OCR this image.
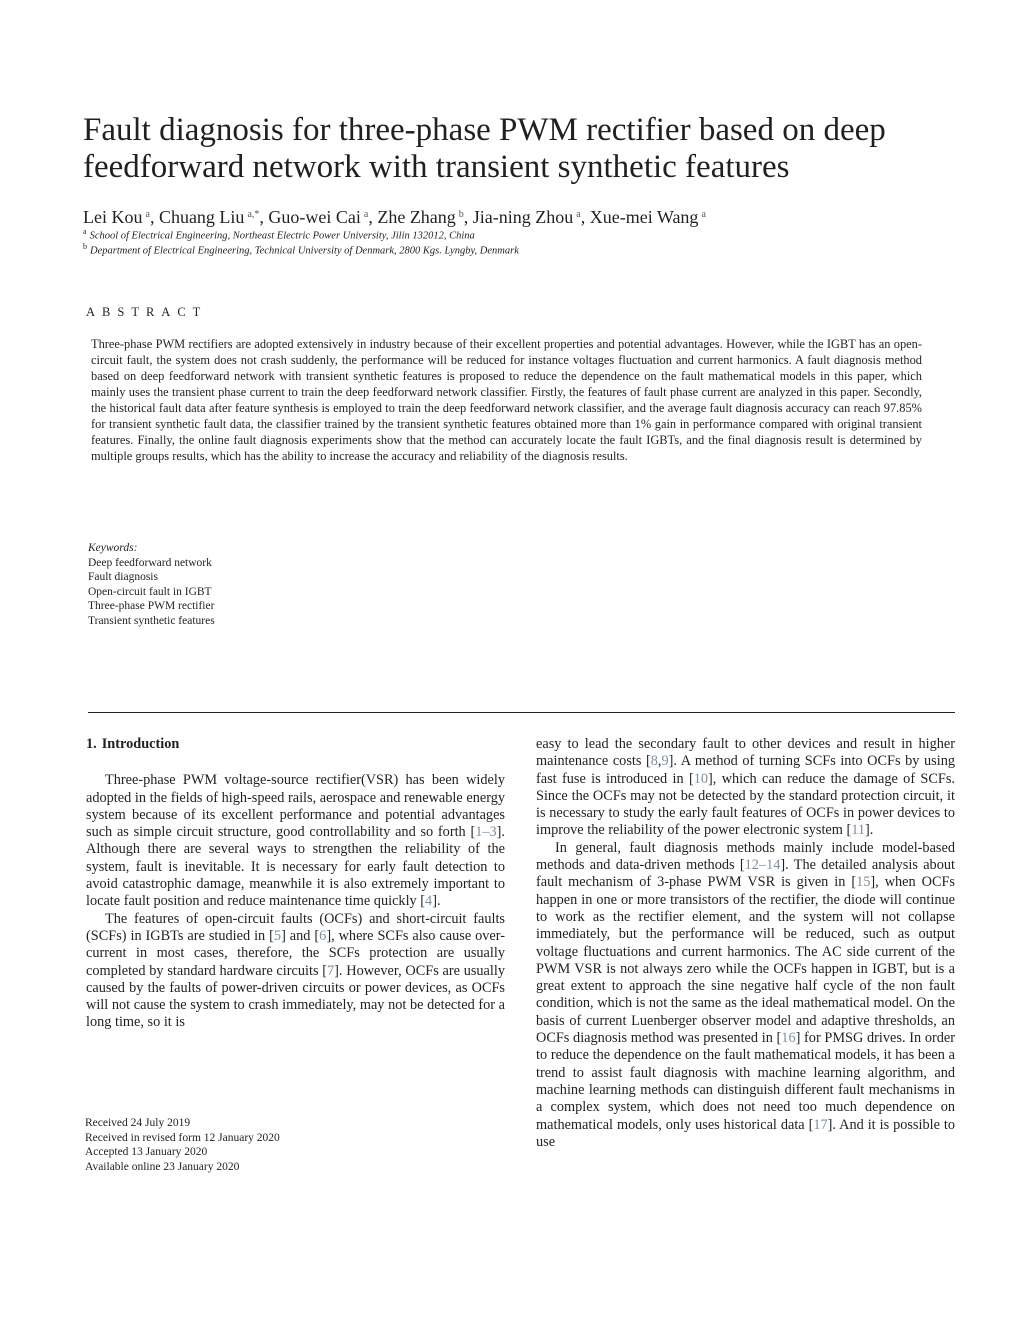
Fault diagnosis for three-phase PWM rectifier based on deep
feedforward network with transient synthetic features

Lei Kou $^a$, Chuang Liu $^{a,*}$, Guo-wei Cai $^a$, Zhe Zhang $^b$, Jia-ning Zhou $^a$, Xue-mei Wang $^a$

$^a$ School of Electrical Engineering, Northeast Electric Power University, Jilin 132012, China

$^b$ Department of Electrical Engineering, Technical University of Denmark, 2800 Kgs. Lyngby, Denmark

ABSTRACT

Three-phase PWM rectifiers are adopted extensively in industry because of their excellent properties and potential advantages. However, while the IGBT has an open-circuit fault, the system does not crash suddenly, the performance will be reduced for instance voltages fluctuation and current harmonics. A fault diagnosis method based on deep feedforward network with transient synthetic features is proposed to reduce the dependence on the fault mathematical models in this paper, which mainly uses the transient phase current to train the deep feedforward network classifier. Firstly, the features of fault phase current are analyzed in this paper. Secondly, the historical fault data after feature synthesis is employed to train the deep feedforward network classifier, and the average fault diagnosis accuracy can reach 97.85% for transient synthetic fault data, the classifier trained by the transient synthetic features obtained more than 1% gain in performance compared with original transient features. Finally, the online fault diagnosis experiments show that the method can accurately locate the fault IGBTs, and the final diagnosis result is determined by multiple groups results, which has the ability to increase the accuracy and reliability of the diagnosis results.

Keywords:
Deep feedforward network
Fault diagnosis
Open-circuit fault in IGBT
Three-phase PWM rectifier
Transient synthetic features
1. Introduction

Three-phase PWM voltage-source rectifier(VSR) has been widely adopted in the fields of high-speed rails, aerospace and renewable energy system because of its excellent performance and potential advantages such as simple circuit structure, good controllability and so forth [1–3]. Although there are several ways to strengthen the reliability of the system, fault is inevitable. It is necessary for early fault detection to avoid catastrophic damage, meanwhile it is also extremely important to locate fault position and reduce maintenance time quickly [4].

The features of open-circuit faults (OCFs) and short-circuit faults (SCFs) in IGBTs are studied in [5] and [6], where SCFs also cause over-current in most cases, therefore, the SCFs protection are usually completed by standard hardware circuits [7]. However, OCFs are usually caused by the faults of power-driven circuits or power devices, as OCFs will not cause the system to crash immediately, may not be detected for a long time, so it is

easy to lead the secondary fault to other devices and result in higher maintenance costs [8,9]. A method of turning SCFs into OCFs by using fast fuse is introduced in [10], which can reduce the damage of SCFs. Since the OCFs may not be detected by the standard protection circuit, it is necessary to study the early fault features of OCFs in power devices to improve the reliability of the power electronic system [11].

In general, fault diagnosis methods mainly include model-based methods and data-driven methods [12–14]. The detailed analysis about fault mechanism of 3-phase PWM VSR is given in [15], when OCFs happen in one or more transistors of the rectifier, the diode will continue to work as the rectifier element, and the system will not collapse immediately, but the performance will be reduced, such as output voltage fluctuations and current harmonics. The AC side current of the PWM VSR is not always zero while the OCFs happen in IGBT, but is a great extent to approach the sine negative half cycle of the non fault condition, which is not the same as the ideal mathematical model. On the basis of current Luenberger observer model and adaptive thresholds, an OCFs diagnosis method was presented in [16] for PMSG drives. In order to reduce the dependence on the fault mathematical models, it has been a trend to assist fault diagnosis with machine learning algorithm, and machine learning methods can distinguish different fault mechanisms in a complex system, which does not need too much dependence on mathematical models, only uses historical data [17]. And it is possible to use

Received 24 July 2019
Received in revised form 12 January 2020
Accepted 13 January 2020
Available online 23 January 2020
